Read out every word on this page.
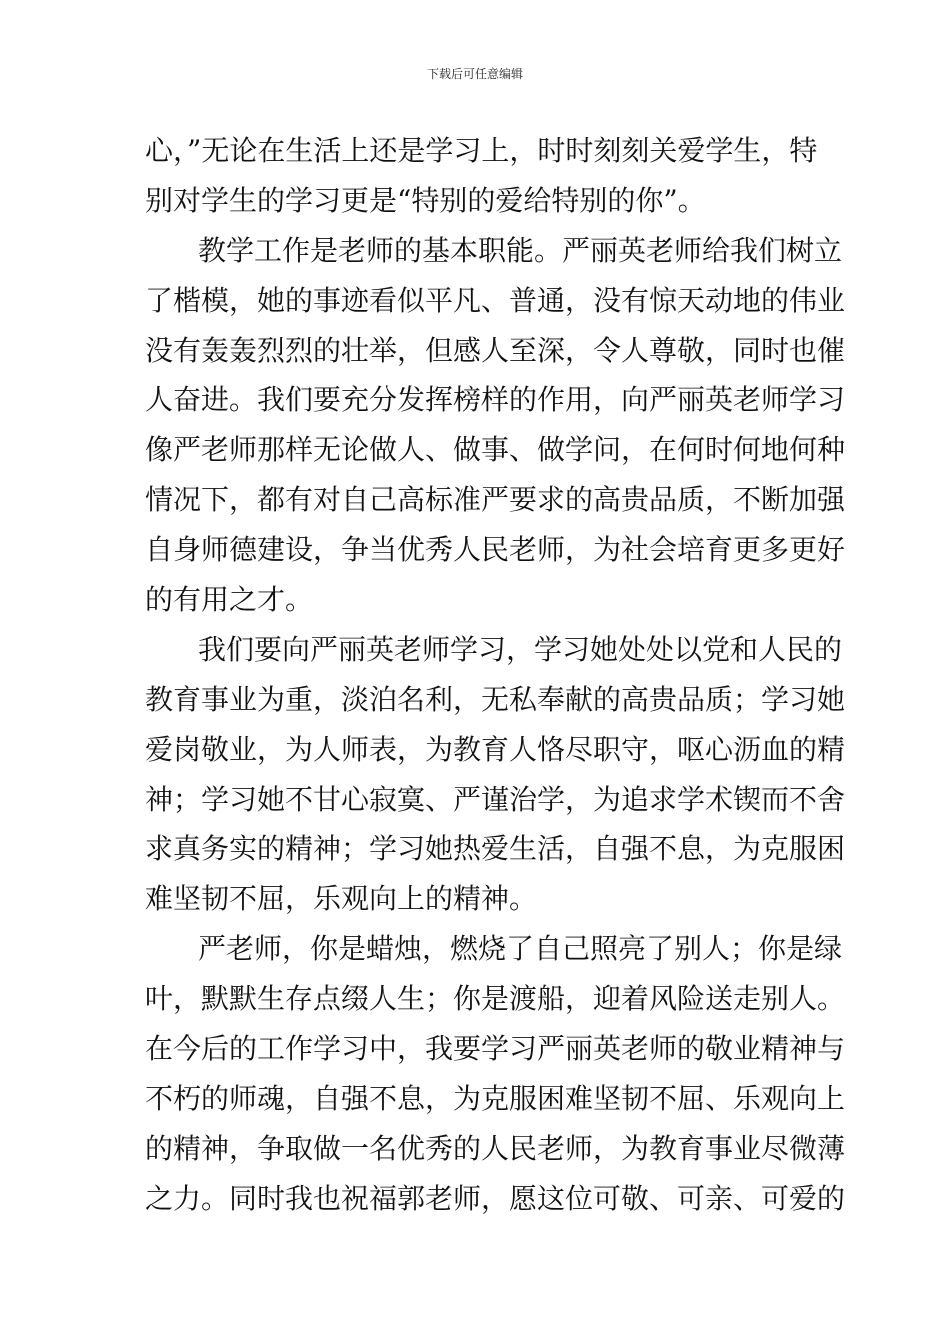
下载后可任意编辑
心，”无论在生活上还是学习上，时时刻刻关爱学生，特
别对学生的学习更是“特别的爱给特别的你”。
教学工作是老师的基本职能。严丽英老师给我们树立
了楷模，她的事迹看似平凡、普通，没有惊天动地的伟业
没有轰轰烈烈的壮举，但感人至深，令人尊敬，同时也催
人奋进。我们要充分发挥榜样的作用，向严丽英老师学习
像严老师那样无论做人、做事、做学问，在何时何地何种
情况下，都有对自己高标准严要求的高贵品质，不断加强
自身师德建设，争当优秀人民老师，为社会培育更多更好
的有用之才。
我们要向严丽英老师学习，学习她处处以党和人民的
教育事业为重，淡泊名利，无私奉献的高贵品质；学习她
爱岗敬业，为人师表，为教育人恪尽职守，呕心沥血的精
神；学习她不甘心寂寞、严谨治学，为追求学术锲而不舍
求真务实的精神；学习她热爱生活，自强不息，为克服困
难坚韧不屈，乐观向上的精神。
严老师，你是蜡烛，燃烧了自己照亮了别人；你是绿
叶，默默生存点缀人生；你是渡船，迎着风险送走别人。
在今后的工作学习中，我要学习严丽英老师的敬业精神与
不朽的师魂，自强不息，为克服困难坚韧不屈、乐观向上
的精神，争取做一名优秀的人民老师，为教育事业尽微薄
之力。同时我也祝福郭老师，愿这位可敬、可亲、可爱的
